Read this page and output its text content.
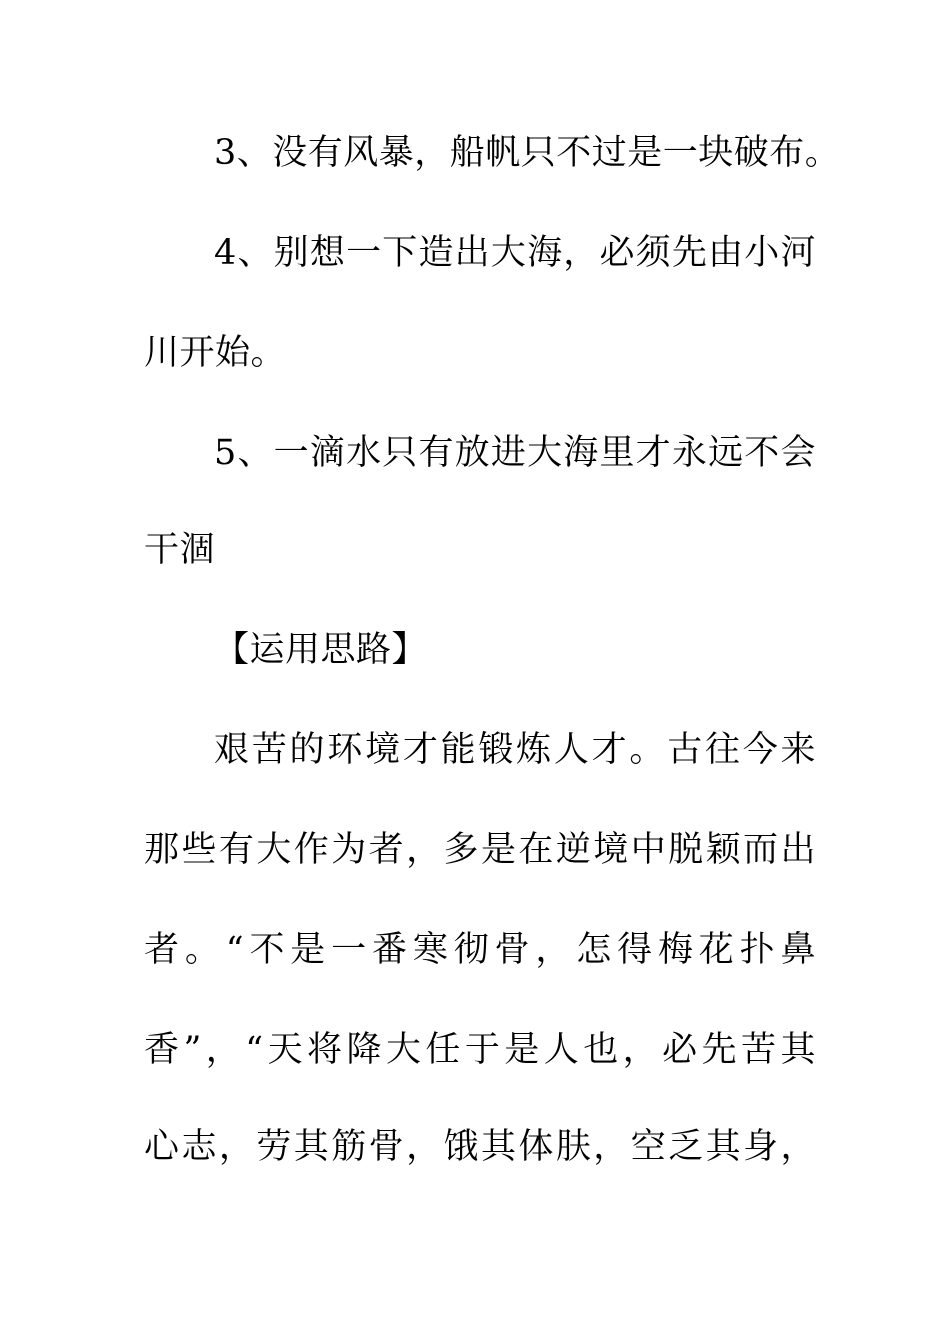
3、没有风暴，船帆只不过是一块破布。
4、别想一下造出大海，必须先由小河
川开始。
5、一滴水只有放进大海里才永远不会
干涸
【运用思路】
艰苦的环境才能锻炼人才。古往今来
那些有大作为者，多是在逆境中脱颖而出
者。“不是一番寒彻骨，怎得梅花扑鼻
香”，“天将降大任于是人也，必先苦其
心志，劳其筋骨，饿其体肤，空乏其身，
